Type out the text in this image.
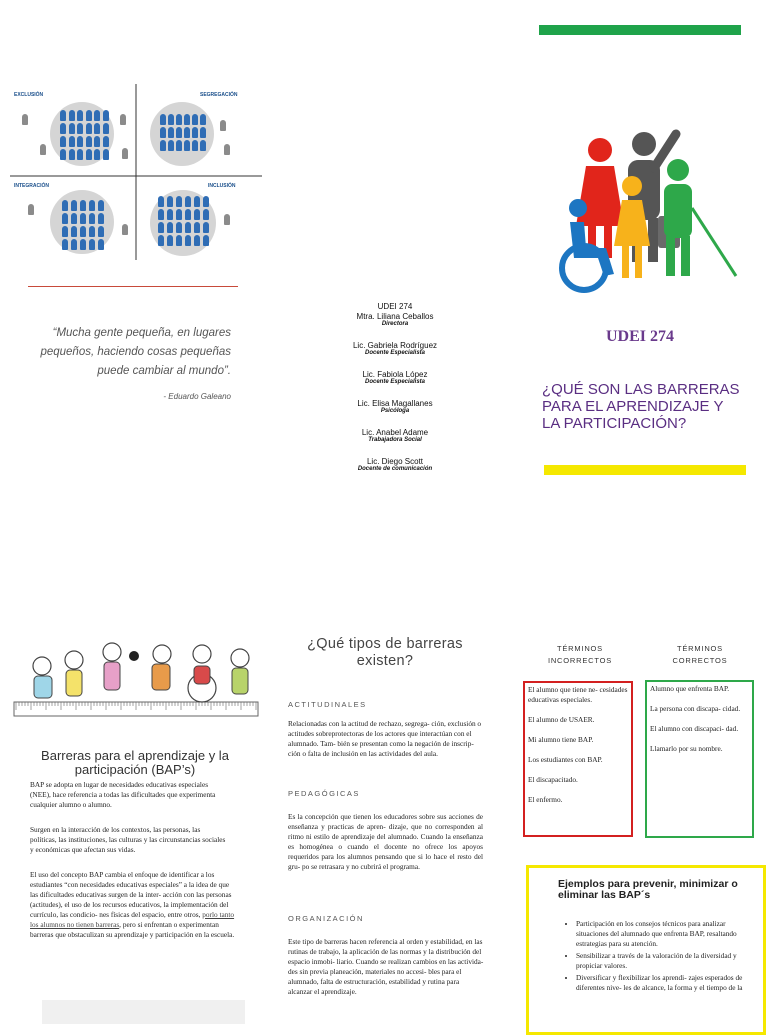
EXCLUSIÓN	SEGREGACIÓN
INTEGRACIÓN	INCLUSIÓN
“Mucha gente pequeña, en lugares pequeños, haciendo cosas pequeñas puede cambiar al mundo”.
- Eduardo Galeano
UDEI 274
Mtra. Liliana Ceballos
Directora
Lic. Gabriela Rodríguez
Docente Especialista
Lic. Fabiola López
Docente Especialista
Lic. Elisa Magallanes
Psicóloga
Lic. Anabel Adame
Trabajadora Social
Lic. Diego Scott
Docente de comunicación
UDEI 274
¿QUÉ SON LAS BARRERAS PARA EL APRENDIZAJE Y LA PARTICIPACIÓN?
Barreras para el aprendizaje y la participación (BAP’s)
BAP se adopta en lugar de necesidades educativas especiales (NEE), hace referencia a todas las dificultades que experimenta cualquier alumno o alumno.
Surgen en la interacción de los contextos, las personas, las políticas, las instituciones, las culturas y las circunstancias sociales y económicas que afectan sus vidas.
El uso del concepto BAP cambia el enfoque de identificar a los estudiantes “con necesidades educativas especiales” a la idea de que las dificultades educativas surgen de la inter- acción con las personas (actitudes), el uso de los recursos educativos, la implementación del currículo, las condicio- nes físicas del espacio, entre otros, porlo tanto los alumnos no tienen barreras, pero si enfrentan o experimentan barreras que obstaculizan su aprendizaje y participación en la escuela.
¿Qué tipos de barreras existen?
ACTITUDINALES
Relacionadas con la actitud de rechazo, segrega- ción, exclusión o actitudes sobreprotectoras de los actores que interactúan con el alumnado. Tam- bién se presentan como la negación de inscrip- ción o falta de inclusión en las actividades del aula.
PEDAGÓGICAS
Es la concepción que tienen los educadores sobre sus acciones de enseñanza y practicas de apren- dizaje, que no corresponden al ritmo ni estilo de aprendizaje del alumnado. Cuando la enseñanza es homogénea o cuando el docente no ofrece los apoyos requeridos para los alumnos pensando que si lo hace el resto del gru- po se retrasara y no cubrirá el programa.
ORGANIZACIÓN
Este tipo de barreras hacen referencia al orden y estabilidad, en las rutinas de trabajo, la aplicación de las normas y la distribución del espacio inmobi- liario. Cuando se realizan cambios en las activida- des sin previa planeación, materiales no accesi- bles para el alumnado, falta de estructuración, estabilidad y rutina para alcanzar el aprendizaje.
TÉRMINOS INCORRECTOS
TÉRMINOS CORRECTOS

El alumno que tiene ne- cesidades educativas especiales.

El alumno de USAER.

Mi alumno tiene BAP.

Los estudiantes con BAP.

El discapacitado.

El enfermo.

Alumno que enfrenta BAP.

La persona con discapa- cidad.

El alumno con discapaci- dad.

Llamarlo por su nombre.

Ejemplos para prevenir, minimizar o eliminar las BAP´s
• Participación en los consejos técnicos para analizar situaciones del alumnado que enfrenta BAP, resaltando estrategias para su atención.
• Sensibilizar a través de la valoración de la diversidad y propiciar valores.
• Diversificar y flexibilizar los aprendi- zajes esperados de diferentes nive- les de alcance, la forma y el tiempo de la
